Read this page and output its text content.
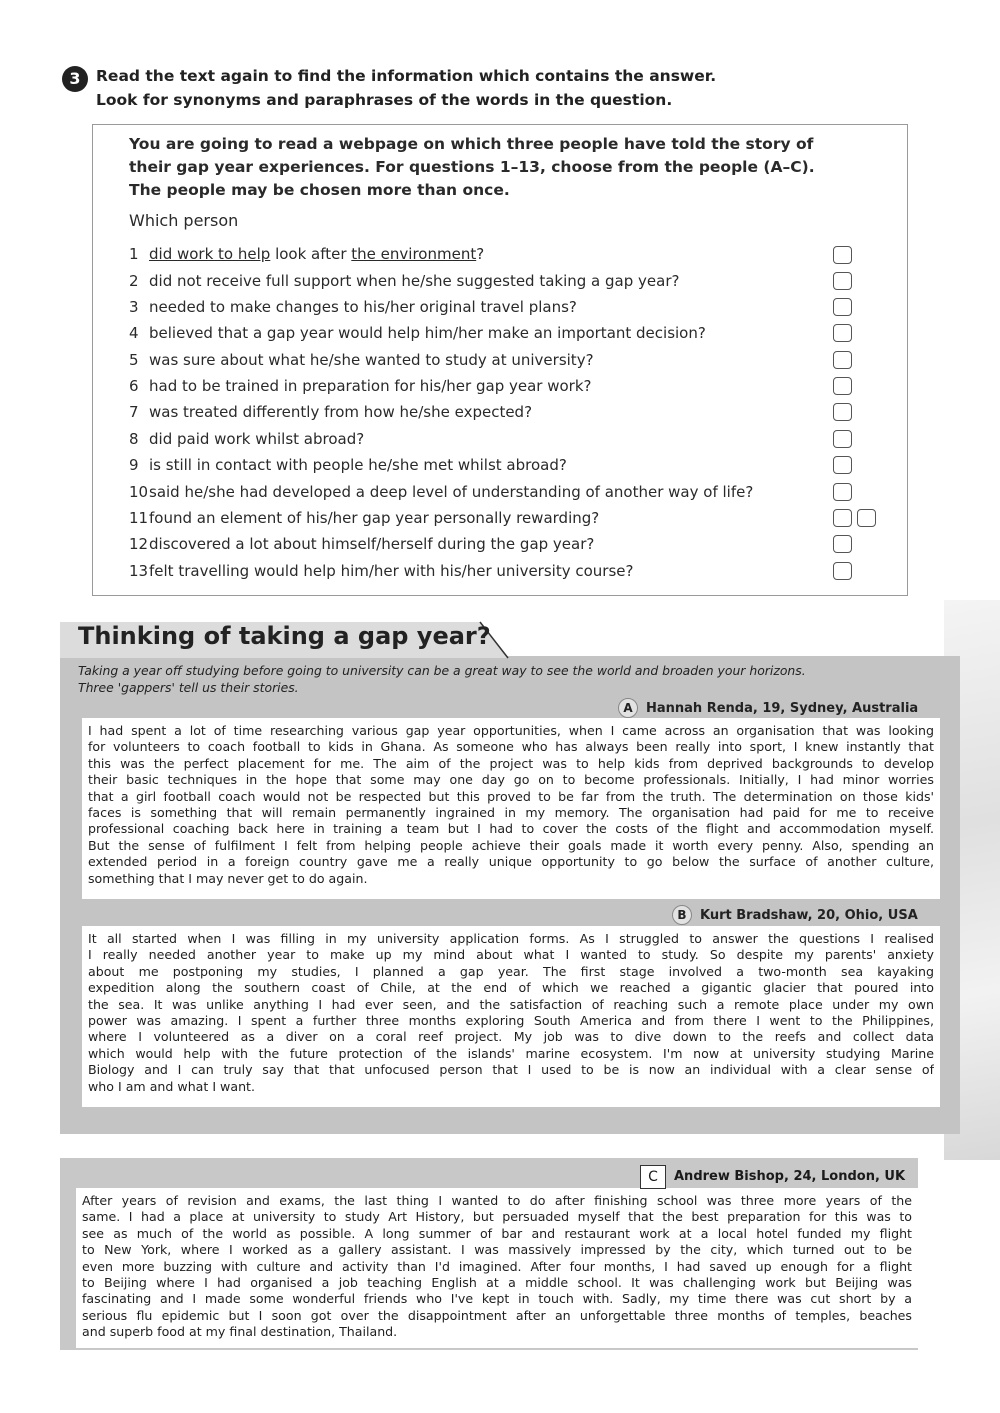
3 Read the text again to find the information which contains the answer.
Look for synonyms and paraphrases of the words in the question.
You are going to read a webpage on which three people have told the story of
their gap year experiences. For questions 1–13, choose from the people (A–C).
The people may be chosen more than once.
Which person
1 did work to help look after the environment?
2 did not receive full support when he/she suggested taking a gap year?
3 needed to make changes to his/her original travel plans?
4 believed that a gap year would help him/her make an important decision?
5 was sure about what he/she wanted to study at university?
6 had to be trained in preparation for his/her gap year work?
7 was treated differently from how he/she expected?
8 did paid work whilst abroad?
9 is still in contact with people he/she met whilst abroad?
10said he/she had developed a deep level of understanding of another way of life?
11found an element of his/her gap year personally rewarding?
12discovered a lot about himself/herself during the gap year?
13felt travelling would help him/her with his/her university course?
Thinking of taking a gap year?
Taking a year off studying before going to university can be a great way to see the world and broaden your horizons.
Three 'gappers' tell us their stories.
A Hannah Renda, 19, Sydney, Australia
I had spent a lot of time researching various gap year opportunities, when I came across an organisation that was looking
for volunteers to coach football to kids in Ghana. As someone who has always been really into sport, I knew instantly that
this was the perfect placement for me. The aim of the project was to help kids from deprived backgrounds to develop
their basic techniques in the hope that some may one day go on to become professionals. Initially, I had minor worries
that a girl football coach would not be respected but this proved to be far from the truth. The determination on those kids'
faces is something that will remain permanently ingrained in my memory. The organisation had paid for me to receive
professional coaching back here in training a team but I had to cover the costs of the flight and accommodation myself.
But the sense of fulfilment I felt from helping people achieve their goals made it worth every penny. Also, spending an
extended period in a foreign country gave me a really unique opportunity to go below the surface of another culture,
something that I may never get to do again.
B Kurt Bradshaw, 20, Ohio, USA
It all started when I was filling in my university application forms. As I struggled to answer the questions I realised
I really needed another year to make up my mind about what I wanted to study. So despite my parents' anxiety
about me postponing my studies, I planned a gap year. The first stage involved a two-month sea kayaking
expedition along the southern coast of Chile, at the end of which we reached a gigantic glacier that poured into
the sea. It was unlike anything I had ever seen, and the satisfaction of reaching such a remote place under my own
power was amazing. I spent a further three months exploring South America and from there I went to the Philippines,
where I volunteered as a diver on a coral reef project. My job was to dive down to the reefs and collect data
which would help with the future protection of the islands' marine ecosystem. I'm now at university studying Marine
Biology and I can truly say that that unfocused person that I used to be is now an individual with a clear sense of
who I am and what I want.
After years of revision and exams, the last thing I wanted to do after finishing school was three more years of the
same. I had a place at university to study Art History, but persuaded myself that the best preparation for this was to
see as much of the world as possible. A long summer of bar and restaurant work at a local hotel funded my flight
to New York, where I worked as a gallery assistant. I was massively impressed by the city, which turned out to be
even more buzzing with culture and activity than I'd imagined. After four months, I had saved up enough for a flight
to Beijing where I had organised a job teaching English at a middle school. It was challenging work but Beijing was
fascinating and I made some wonderful friends who I've kept in touch with. Sadly, my time there was cut short by a
serious flu epidemic but I soon got over the disappointment after an unforgettable three months of temples, beaches
and superb food at my final destination, Thailand.
C	Andrew Bishop, 24, London, UK
